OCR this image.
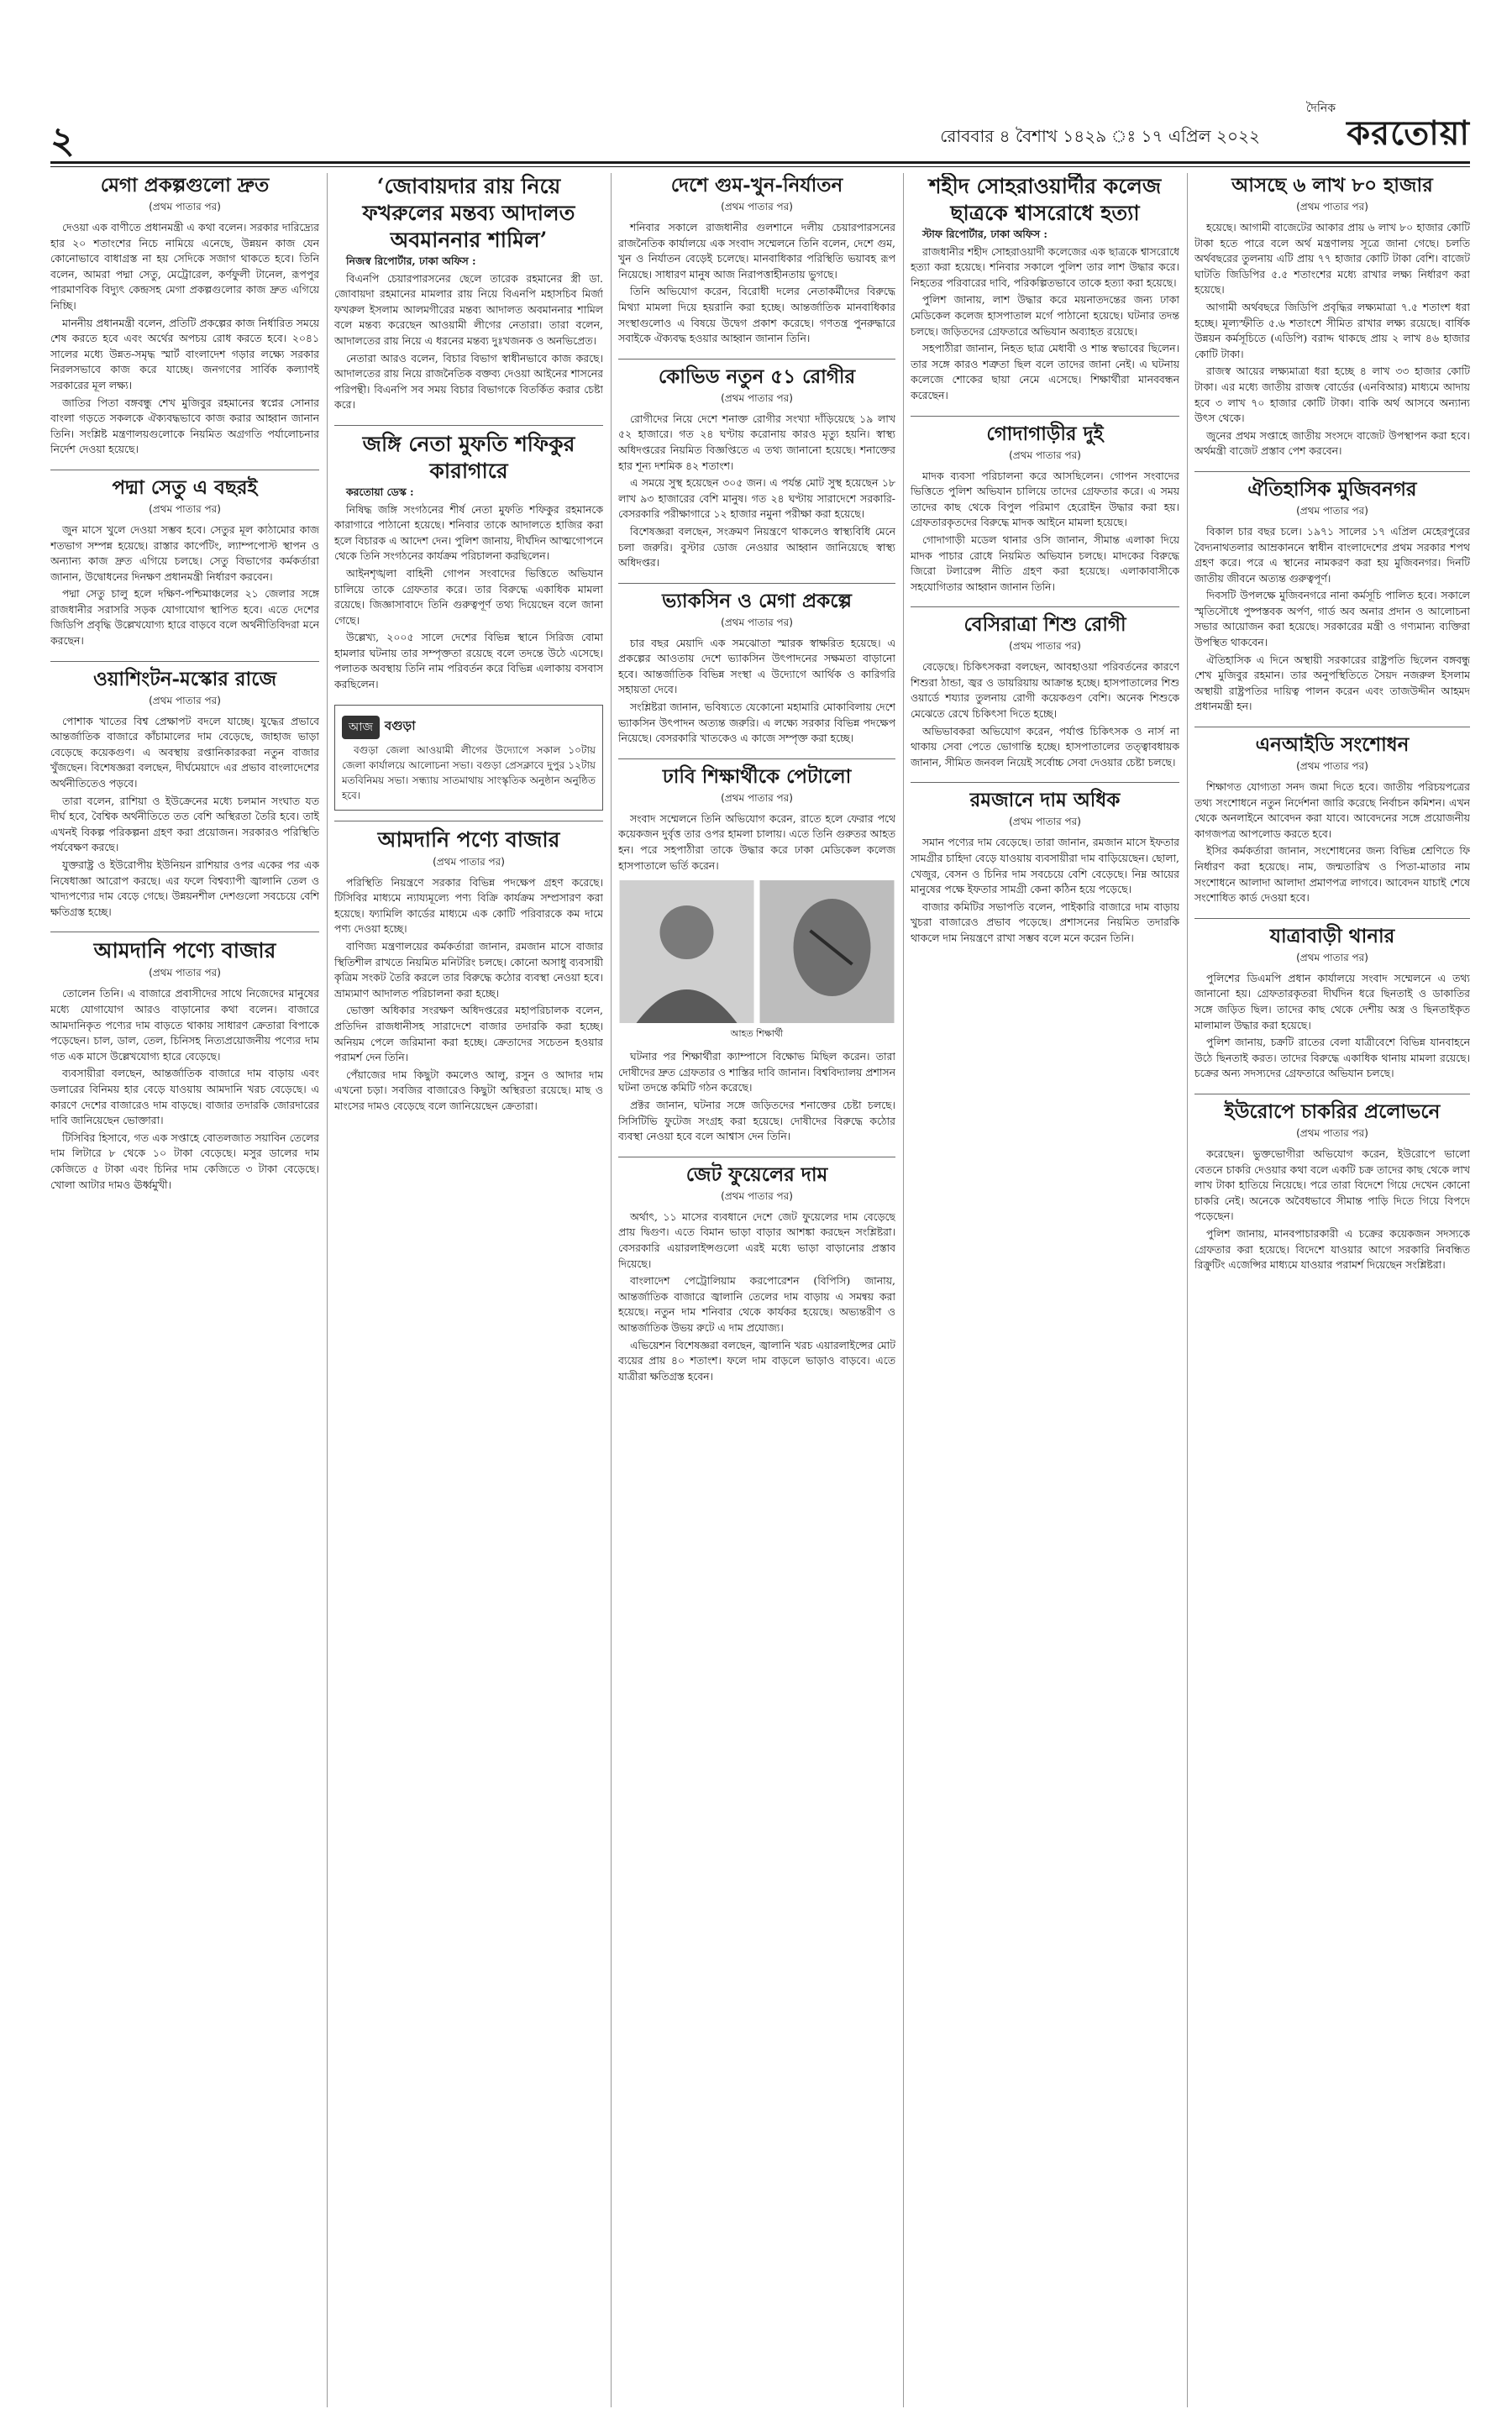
২	রোববার ৪ বৈশাখ ১৪২৯ ঃ ১৭ এপ্রিল ২০২২
দৈনিক
করতোয়া
মেগা প্রকল্পগুলো দ্রুত
(প্রথম পাতার পর)

দেওয়া এক বাণীতে প্রধানমন্ত্রী এ কথা বলেন। সরকার দারিদ্র্যের হার ২০ শতাংশের নিচে নামিয়ে এনেছে, উন্নয়ন কাজ যেন কোনোভাবে বাধাগ্রস্ত না হয় সেদিকে সজাগ থাকতে হবে। তিনি বলেন, আমরা পদ্মা সেতু, মেট্রোরেল, কর্ণফুলী টানেল, রূপপুর পারমাণবিক বিদ্যুৎ কেন্দ্রসহ মেগা প্রকল্পগুলোর কাজ দ্রুত এগিয়ে নিচ্ছি।

মাননীয় প্রধানমন্ত্রী বলেন, প্রতিটি প্রকল্পের কাজ নির্ধারিত সময়ে শেষ করতে হবে এবং অর্থের অপচয় রোধ করতে হবে। ২০৪১ সালের মধ্যে উন্নত-সমৃদ্ধ স্মার্ট বাংলাদেশ গড়ার লক্ষ্যে সরকার নিরলসভাবে কাজ করে যাচ্ছে। জনগণের সার্বিক কল্যাণই সরকারের মূল লক্ষ্য।

জাতির পিতা বঙ্গবন্ধু শেখ মুজিবুর রহমানের স্বপ্নের সোনার বাংলা গড়তে সকলকে ঐক্যবদ্ধভাবে কাজ করার আহ্বান জানান তিনি। সংশ্লিষ্ট মন্ত্রণালয়গুলোকে নিয়মিত অগ্রগতি পর্যালোচনার নির্দেশ দেওয়া হয়েছে।

পদ্মা সেতু এ বছরই
(প্রথম পাতার পর)

জুন মাসে খুলে দেওয়া সম্ভব হবে। সেতুর মূল কাঠামোর কাজ শতভাগ সম্পন্ন হয়েছে। রাস্তার কার্পেটিং, ল্যাম্পপোস্ট স্থাপন ও অন্যান্য কাজ দ্রুত এগিয়ে চলছে। সেতু বিভাগের কর্মকর্তারা জানান, উদ্বোধনের দিনক্ষণ প্রধানমন্ত্রী নির্ধারণ করবেন।

পদ্মা সেতু চালু হলে দক্ষিণ-পশ্চিমাঞ্চলের ২১ জেলার সঙ্গে রাজধানীর সরাসরি সড়ক যোগাযোগ স্থাপিত হবে। এতে দেশের জিডিপি প্রবৃদ্ধি উল্লেখযোগ্য হারে বাড়বে বলে অর্থনীতিবিদরা মনে করছেন।

ওয়াশিংটন-মস্কোর রাজে
(প্রথম পাতার পর)

পোশাক খাতের বিশ্ব প্রেক্ষাপট বদলে যাচ্ছে। যুদ্ধের প্রভাবে আন্তর্জাতিক বাজারে কাঁচামালের দাম বেড়েছে, জাহাজ ভাড়া বেড়েছে কয়েকগুণ। এ অবস্থায় রপ্তানিকারকরা নতুন বাজার খুঁজছেন। বিশেষজ্ঞরা বলছেন, দীর্ঘমেয়াদে এর প্রভাব বাংলাদেশের অর্থনীতিতেও পড়বে।

তারা বলেন, রাশিয়া ও ইউক্রেনের মধ্যে চলমান সংঘাত যত দীর্ঘ হবে, বৈশ্বিক অর্থনীতিতে তত বেশি অস্থিরতা তৈরি হবে। তাই এখনই বিকল্প পরিকল্পনা গ্রহণ করা প্রয়োজন। সরকারও পরিস্থিতি পর্যবেক্ষণ করছে।

যুক্তরাষ্ট্র ও ইউরোপীয় ইউনিয়ন রাশিয়ার ওপর একের পর এক নিষেধাজ্ঞা আরোপ করছে। এর ফলে বিশ্বব্যাপী জ্বালানি তেল ও খাদ্যপণ্যের দাম বেড়ে গেছে। উন্নয়নশীল দেশগুলো সবচেয়ে বেশি ক্ষতিগ্রস্ত হচ্ছে।

আমদানি পণ্যে বাজার
(প্রথম পাতার পর)

তোলেন তিনি। এ বাজারে প্রবাসীদের সাথে নিজেদের মানুষের মধ্যে যোগাযোগ আরও বাড়ানোর কথা বলেন। বাজারে আমদানিকৃত পণ্যের দাম বাড়তে থাকায় সাধারণ ক্রেতারা বিপাকে পড়েছেন। চাল, ডাল, তেল, চিনিসহ নিত্যপ্রয়োজনীয় পণ্যের দাম গত এক মাসে উল্লেখযোগ্য হারে বেড়েছে।

ব্যবসায়ীরা বলছেন, আন্তর্জাতিক বাজারে দাম বাড়ায় এবং ডলারের বিনিময় হার বেড়ে যাওয়ায় আমদানি খরচ বেড়েছে। এ কারণে দেশের বাজারেও দাম বাড়ছে। বাজার তদারকি জোরদারের দাবি জানিয়েছেন ভোক্তারা।

টিসিবির হিসাবে, গত এক সপ্তাহে বোতলজাত সয়াবিন তেলের দাম লিটারে ৮ থেকে ১০ টাকা বেড়েছে। মসুর ডালের দাম কেজিতে ৫ টাকা এবং চিনির দাম কেজিতে ৩ টাকা বেড়েছে। খোলা আটার দামও ঊর্ধ্বমুখী।

‘জোবায়দার রায় নিয়ে ফখরুলের মন্তব্য আদালত অবমাননার শামিল’

নিজস্ব রিপোর্টার, ঢাকা অফিস :

বিএনপি চেয়ারপারসনের ছেলে তারেক রহমানের স্ত্রী ডা. জোবায়দা রহমানের মামলার রায় নিয়ে বিএনপি মহাসচিব মির্জা ফখরুল ইসলাম আলমগীরের মন্তব্য আদালত অবমাননার শামিল বলে মন্তব্য করেছেন আওয়ামী লীগের নেতারা। তারা বলেন, আদালতের রায় নিয়ে এ ধরনের মন্তব্য দুঃখজনক ও অনভিপ্রেত।

নেতারা আরও বলেন, বিচার বিভাগ স্বাধীনভাবে কাজ করছে। আদালতের রায় নিয়ে রাজনৈতিক বক্তব্য দেওয়া আইনের শাসনের পরিপন্থী। বিএনপি সব সময় বিচার বিভাগকে বিতর্কিত করার চেষ্টা করে।

জঙ্গি নেতা মুফতি শফিকুর কারাগারে

করতোয়া ডেস্ক :

নিষিদ্ধ জঙ্গি সংগঠনের শীর্ষ নেতা মুফতি শফিকুর রহমানকে কারাগারে পাঠানো হয়েছে। শনিবার তাকে আদালতে হাজির করা হলে বিচারক এ আদেশ দেন। পুলিশ জানায়, দীর্ঘদিন আত্মগোপনে থেকে তিনি সংগঠনের কার্যক্রম পরিচালনা করছিলেন।

আইনশৃঙ্খলা বাহিনী গোপন সংবাদের ভিত্তিতে অভিযান চালিয়ে তাকে গ্রেফতার করে। তার বিরুদ্ধে একাধিক মামলা রয়েছে। জিজ্ঞাসাবাদে তিনি গুরুত্বপূর্ণ তথ্য দিয়েছেন বলে জানা গেছে।

উল্লেখ্য, ২০০৫ সালে দেশের বিভিন্ন স্থানে সিরিজ বোমা হামলার ঘটনায় তার সম্পৃক্ততা রয়েছে বলে তদন্তে উঠে এসেছে। পলাতক অবস্থায় তিনি নাম পরিবর্তন করে বিভিন্ন এলাকায় বসবাস করছিলেন।

আজ বগুড়া

বগুড়া জেলা আওয়ামী লীগের উদ্যোগে সকাল ১০টায় জেলা কার্যালয়ে আলোচনা সভা। বগুড়া প্রেসক্লাবে দুপুর ১২টায় মতবিনিময় সভা। সন্ধ্যায় সাতমাথায় সাংস্কৃতিক অনুষ্ঠান অনুষ্ঠিত হবে।

আমদানি পণ্যে বাজার
(প্রথম পাতার পর)

পরিস্থিতি নিয়ন্ত্রণে সরকার বিভিন্ন পদক্ষেপ গ্রহণ করেছে। টিসিবির মাধ্যমে ন্যায্যমূল্যে পণ্য বিক্রি কার্যক্রম সম্প্রসারণ করা হয়েছে। ফ্যামিলি কার্ডের মাধ্যমে এক কোটি পরিবারকে কম দামে পণ্য দেওয়া হচ্ছে।

বাণিজ্য মন্ত্রণালয়ের কর্মকর্তারা জানান, রমজান মাসে বাজার স্থিতিশীল রাখতে নিয়মিত মনিটরিং চলছে। কোনো অসাধু ব্যবসায়ী কৃত্রিম সংকট তৈরি করলে তার বিরুদ্ধে কঠোর ব্যবস্থা নেওয়া হবে। ভ্রাম্যমাণ আদালত পরিচালনা করা হচ্ছে।

ভোক্তা অধিকার সংরক্ষণ অধিদপ্তরের মহাপরিচালক বলেন, প্রতিদিন রাজধানীসহ সারাদেশে বাজার তদারকি করা হচ্ছে। অনিয়ম পেলে জরিমানা করা হচ্ছে। ক্রেতাদের সচেতন হওয়ার পরামর্শ দেন তিনি।

পেঁয়াজের দাম কিছুটা কমলেও আলু, রসুন ও আদার দাম এখনো চড়া। সবজির বাজারেও কিছুটা অস্থিরতা রয়েছে। মাছ ও মাংসের দামও বেড়েছে বলে জানিয়েছেন ক্রেতারা।

দেশে গুম-খুন-নির্যাতন
(প্রথম পাতার পর)

শনিবার সকালে রাজধানীর গুলশানে দলীয় চেয়ারপারসনের রাজনৈতিক কার্যালয়ে এক সংবাদ সম্মেলনে তিনি বলেন, দেশে গুম, খুন ও নির্যাতন বেড়েই চলেছে। মানবাধিকার পরিস্থিতি ভয়াবহ রূপ নিয়েছে। সাধারণ মানুষ আজ নিরাপত্তাহীনতায় ভুগছে।

তিনি অভিযোগ করেন, বিরোধী দলের নেতাকর্মীদের বিরুদ্ধে মিথ্যা মামলা দিয়ে হয়রানি করা হচ্ছে। আন্তর্জাতিক মানবাধিকার সংস্থাগুলোও এ বিষয়ে উদ্বেগ প্রকাশ করেছে। গণতন্ত্র পুনরুদ্ধারে সবাইকে ঐক্যবদ্ধ হওয়ার আহ্বান জানান তিনি।

কোভিড নতুন ৫১ রোগীর
(প্রথম পাতার পর)

রোগীদের নিয়ে দেশে শনাক্ত রোগীর সংখ্যা দাঁড়িয়েছে ১৯ লাখ ৫২ হাজারে। গত ২৪ ঘণ্টায় করোনায় কারও মৃত্যু হয়নি। স্বাস্থ্য অধিদপ্তরের নিয়মিত বিজ্ঞপ্তিতে এ তথ্য জানানো হয়েছে। শনাক্তের হার শূন্য দশমিক ৪২ শতাংশ।

এ সময়ে সুস্থ হয়েছেন ৩০৫ জন। এ পর্যন্ত মোট সুস্থ হয়েছেন ১৮ লাখ ৯৩ হাজারের বেশি মানুষ। গত ২৪ ঘণ্টায় সারাদেশে সরকারি-বেসরকারি পরীক্ষাগারে ১২ হাজার নমুনা পরীক্ষা করা হয়েছে।

বিশেষজ্ঞরা বলছেন, সংক্রমণ নিয়ন্ত্রণে থাকলেও স্বাস্থ্যবিধি মেনে চলা জরুরি। বুস্টার ডোজ নেওয়ার আহ্বান জানিয়েছে স্বাস্থ্য অধিদপ্তর।

ভ্যাকসিন ও মেগা প্রকল্পে
(প্রথম পাতার পর)

চার বছর মেয়াদি এক সমঝোতা স্মারক স্বাক্ষরিত হয়েছে। এ প্রকল্পের আওতায় দেশে ভ্যাকসিন উৎপাদনের সক্ষমতা বাড়ানো হবে। আন্তর্জাতিক বিভিন্ন সংস্থা এ উদ্যোগে আর্থিক ও কারিগরি সহায়তা দেবে।

সংশ্লিষ্টরা জানান, ভবিষ্যতে যেকোনো মহামারি মোকাবিলায় দেশে ভ্যাকসিন উৎপাদন অত্যন্ত জরুরি। এ লক্ষ্যে সরকার বিভিন্ন পদক্ষেপ নিয়েছে। বেসরকারি খাতকেও এ কাজে সম্পৃক্ত করা হচ্ছে।

ঢাবি শিক্ষার্থীকে পেটালো
(প্রথম পাতার পর)

সংবাদ সম্মেলনে তিনি অভিযোগ করেন, রাতে হলে ফেরার পথে কয়েকজন দুর্বৃত্ত তার ওপর হামলা চালায়। এতে তিনি গুরুতর আহত হন। পরে সহপাঠীরা তাকে উদ্ধার করে ঢাকা মেডিকেল কলেজ হাসপাতালে ভর্তি করেন।

আহত শিক্ষার্থী

ঘটনার পর শিক্ষার্থীরা ক্যাম্পাসে বিক্ষোভ মিছিল করেন। তারা দোষীদের দ্রুত গ্রেফতার ও শাস্তির দাবি জানান। বিশ্ববিদ্যালয় প্রশাসন ঘটনা তদন্তে কমিটি গঠন করেছে।

প্রক্টর জানান, ঘটনার সঙ্গে জড়িতদের শনাক্তের চেষ্টা চলছে। সিসিটিভি ফুটেজ সংগ্রহ করা হয়েছে। দোষীদের বিরুদ্ধে কঠোর ব্যবস্থা নেওয়া হবে বলে আশ্বাস দেন তিনি।

জেট ফুয়েলের দাম
(প্রথম পাতার পর)

অর্থাৎ, ১১ মাসের ব্যবধানে দেশে জেট ফুয়েলের দাম বেড়েছে প্রায় দ্বিগুণ। এতে বিমান ভাড়া বাড়ার আশঙ্কা করছেন সংশ্লিষ্টরা। বেসরকারি এয়ারলাইন্সগুলো এরই মধ্যে ভাড়া বাড়ানোর প্রস্তাব দিয়েছে।

বাংলাদেশ পেট্রোলিয়াম করপোরেশন (বিপিসি) জানায়, আন্তর্জাতিক বাজারে জ্বালানি তেলের দাম বাড়ায় এ সমন্বয় করা হয়েছে। নতুন দাম শনিবার থেকে কার্যকর হয়েছে। অভ্যন্তরীণ ও আন্তর্জাতিক উভয় রুটে এ দাম প্রযোজ্য।

এভিয়েশন বিশেষজ্ঞরা বলছেন, জ্বালানি খরচ এয়ারলাইন্সের মোট ব্যয়ের প্রায় ৪০ শতাংশ। ফলে দাম বাড়লে ভাড়াও বাড়বে। এতে যাত্রীরা ক্ষতিগ্রস্ত হবেন।

শহীদ সোহরাওয়ার্দীর কলেজ ছাত্রকে শ্বাসরোধে হত্যা

স্টাফ রিপোর্টার, ঢাকা অফিস :

রাজধানীর শহীদ সোহরাওয়ার্দী কলেজের এক ছাত্রকে শ্বাসরোধে হত্যা করা হয়েছে। শনিবার সকালে পুলিশ তার লাশ উদ্ধার করে। নিহতের পরিবারের দাবি, পরিকল্পিতভাবে তাকে হত্যা করা হয়েছে।

পুলিশ জানায়, লাশ উদ্ধার করে ময়নাতদন্তের জন্য ঢাকা মেডিকেল কলেজ হাসপাতাল মর্গে পাঠানো হয়েছে। ঘটনার তদন্ত চলছে। জড়িতদের গ্রেফতারে অভিযান অব্যাহত রয়েছে।

সহপাঠীরা জানান, নিহত ছাত্র মেধাবী ও শান্ত স্বভাবের ছিলেন। তার সঙ্গে কারও শত্রুতা ছিল বলে তাদের জানা নেই। এ ঘটনায় কলেজে শোকের ছায়া নেমে এসেছে। শিক্ষার্থীরা মানববন্ধন করেছেন।

গোদাগাড়ীর দুই
(প্রথম পাতার পর)

মাদক ব্যবসা পরিচালনা করে আসছিলেন। গোপন সংবাদের ভিত্তিতে পুলিশ অভিযান চালিয়ে তাদের গ্রেফতার করে। এ সময় তাদের কাছ থেকে বিপুল পরিমাণ হেরোইন উদ্ধার করা হয়। গ্রেফতারকৃতদের বিরুদ্ধে মাদক আইনে মামলা হয়েছে।

গোদাগাড়ী মডেল থানার ওসি জানান, সীমান্ত এলাকা দিয়ে মাদক পাচার রোধে নিয়মিত অভিযান চলছে। মাদকের বিরুদ্ধে জিরো টলারেন্স নীতি গ্রহণ করা হয়েছে। এলাকাবাসীকে সহযোগিতার আহ্বান জানান তিনি।

বেসিরাত্রা শিশু রোগী
(প্রথম পাতার পর)

বেড়েছে। চিকিৎসকরা বলছেন, আবহাওয়া পরিবর্তনের কারণে শিশুরা ঠান্ডা, জ্বর ও ডায়রিয়ায় আক্রান্ত হচ্ছে। হাসপাতালের শিশু ওয়ার্ডে শয্যার তুলনায় রোগী কয়েকগুণ বেশি। অনেক শিশুকে মেঝেতে রেখে চিকিৎসা দিতে হচ্ছে।

অভিভাবকরা অভিযোগ করেন, পর্যাপ্ত চিকিৎসক ও নার্স না থাকায় সেবা পেতে ভোগান্তি হচ্ছে। হাসপাতালের তত্ত্বাবধায়ক জানান, সীমিত জনবল নিয়েই সর্বোচ্চ সেবা দেওয়ার চেষ্টা চলছে।

রমজানে দাম অধিক
(প্রথম পাতার পর)

সমান পণ্যের দাম বেড়েছে। তারা জানান, রমজান মাসে ইফতার সামগ্রীর চাহিদা বেড়ে যাওয়ায় ব্যবসায়ীরা দাম বাড়িয়েছেন। ছোলা, খেজুর, বেসন ও চিনির দাম সবচেয়ে বেশি বেড়েছে। নিম্ন আয়ের মানুষের পক্ষে ইফতার সামগ্রী কেনা কঠিন হয়ে পড়েছে।

বাজার কমিটির সভাপতি বলেন, পাইকারি বাজারে দাম বাড়ায় খুচরা বাজারেও প্রভাব পড়েছে। প্রশাসনের নিয়মিত তদারকি থাকলে দাম নিয়ন্ত্রণে রাখা সম্ভব বলে মনে করেন তিনি।

আসছে ৬ লাখ ৮০ হাজার
(প্রথম পাতার পর)

হয়েছে। আগামী বাজেটের আকার প্রায় ৬ লাখ ৮০ হাজার কোটি টাকা হতে পারে বলে অর্থ মন্ত্রণালয় সূত্রে জানা গেছে। চলতি অর্থবছরের তুলনায় এটি প্রায় ৭৭ হাজার কোটি টাকা বেশি। বাজেট ঘাটতি জিডিপির ৫.৫ শতাংশের মধ্যে রাখার লক্ষ্য নির্ধারণ করা হয়েছে।

আগামী অর্থবছরে জিডিপি প্রবৃদ্ধির লক্ষ্যমাত্রা ৭.৫ শতাংশ ধরা হচ্ছে। মূল্যস্ফীতি ৫.৬ শতাংশে সীমিত রাখার লক্ষ্য রয়েছে। বার্ষিক উন্নয়ন কর্মসূচিতে (এডিপি) বরাদ্দ থাকছে প্রায় ২ লাখ ৪৬ হাজার কোটি টাকা।

রাজস্ব আয়ের লক্ষ্যমাত্রা ধরা হচ্ছে ৪ লাখ ৩৩ হাজার কোটি টাকা। এর মধ্যে জাতীয় রাজস্ব বোর্ডের (এনবিআর) মাধ্যমে আদায় হবে ৩ লাখ ৭০ হাজার কোটি টাকা। বাকি অর্থ আসবে অন্যান্য উৎস থেকে।

জুনের প্রথম সপ্তাহে জাতীয় সংসদে বাজেট উপস্থাপন করা হবে। অর্থমন্ত্রী বাজেট প্রস্তাব পেশ করবেন।

ঐতিহাসিক মুজিবনগর
(প্রথম পাতার পর)

বিকাল চার বছর চলে। ১৯৭১ সালের ১৭ এপ্রিল মেহেরপুরের বৈদ্যনাথতলার আম্রকাননে স্বাধীন বাংলাদেশের প্রথম সরকার শপথ গ্রহণ করে। পরে এ স্থানের নামকরণ করা হয় মুজিবনগর। দিনটি জাতীয় জীবনে অত্যন্ত গুরুত্বপূর্ণ।

দিবসটি উপলক্ষে মুজিবনগরে নানা কর্মসূচি পালিত হবে। সকালে স্মৃতিসৌধে পুষ্পস্তবক অর্পণ, গার্ড অব অনার প্রদান ও আলোচনা সভার আয়োজন করা হয়েছে। সরকারের মন্ত্রী ও গণ্যমান্য ব্যক্তিরা উপস্থিত থাকবেন।

ঐতিহাসিক এ দিনে অস্থায়ী সরকারের রাষ্ট্রপতি ছিলেন বঙ্গবন্ধু শেখ মুজিবুর রহমান। তার অনুপস্থিতিতে সৈয়দ নজরুল ইসলাম অস্থায়ী রাষ্ট্রপতির দায়িত্ব পালন করেন এবং তাজউদ্দীন আহমদ প্রধানমন্ত্রী হন।

এনআইডি সংশোধন
(প্রথম পাতার পর)

শিক্ষাগত যোগ্যতা সনদ জমা দিতে হবে। জাতীয় পরিচয়পত্রের তথ্য সংশোধনে নতুন নির্দেশনা জারি করেছে নির্বাচন কমিশন। এখন থেকে অনলাইনে আবেদন করা যাবে। আবেদনের সঙ্গে প্রয়োজনীয় কাগজপত্র আপলোড করতে হবে।

ইসির কর্মকর্তারা জানান, সংশোধনের জন্য বিভিন্ন শ্রেণিতে ফি নির্ধারণ করা হয়েছে। নাম, জন্মতারিখ ও পিতা-মাতার নাম সংশোধনে আলাদা আলাদা প্রমাণপত্র লাগবে। আবেদন যাচাই শেষে সংশোধিত কার্ড দেওয়া হবে।

যাত্রাবাড়ী থানার
(প্রথম পাতার পর)

পুলিশের ডিএমপি প্রধান কার্যালয়ে সংবাদ সম্মেলনে এ তথ্য জানানো হয়। গ্রেফতারকৃতরা দীর্ঘদিন ধরে ছিনতাই ও ডাকাতির সঙ্গে জড়িত ছিল। তাদের কাছ থেকে দেশীয় অস্ত্র ও ছিনতাইকৃত মালামাল উদ্ধার করা হয়েছে।

পুলিশ জানায়, চক্রটি রাতের বেলা যাত্রীবেশে বিভিন্ন যানবাহনে উঠে ছিনতাই করত। তাদের বিরুদ্ধে একাধিক থানায় মামলা রয়েছে। চক্রের অন্য সদস্যদের গ্রেফতারে অভিযান চলছে।

ইউরোপে চাকরির প্রলোভনে
(প্রথম পাতার পর)

করেছেন। ভুক্তভোগীরা অভিযোগ করেন, ইউরোপে ভালো বেতনে চাকরি দেওয়ার কথা বলে একটি চক্র তাদের কাছ থেকে লাখ লাখ টাকা হাতিয়ে নিয়েছে। পরে তারা বিদেশে গিয়ে দেখেন কোনো চাকরি নেই। অনেকে অবৈধভাবে সীমান্ত পাড়ি দিতে গিয়ে বিপদে পড়েছেন।

পুলিশ জানায়, মানবপাচারকারী এ চক্রের কয়েকজন সদস্যকে গ্রেফতার করা হয়েছে। বিদেশে যাওয়ার আগে সরকারি নিবন্ধিত রিক্রুটিং এজেন্সির মাধ্যমে যাওয়ার পরামর্শ দিয়েছেন সংশ্লিষ্টরা।
